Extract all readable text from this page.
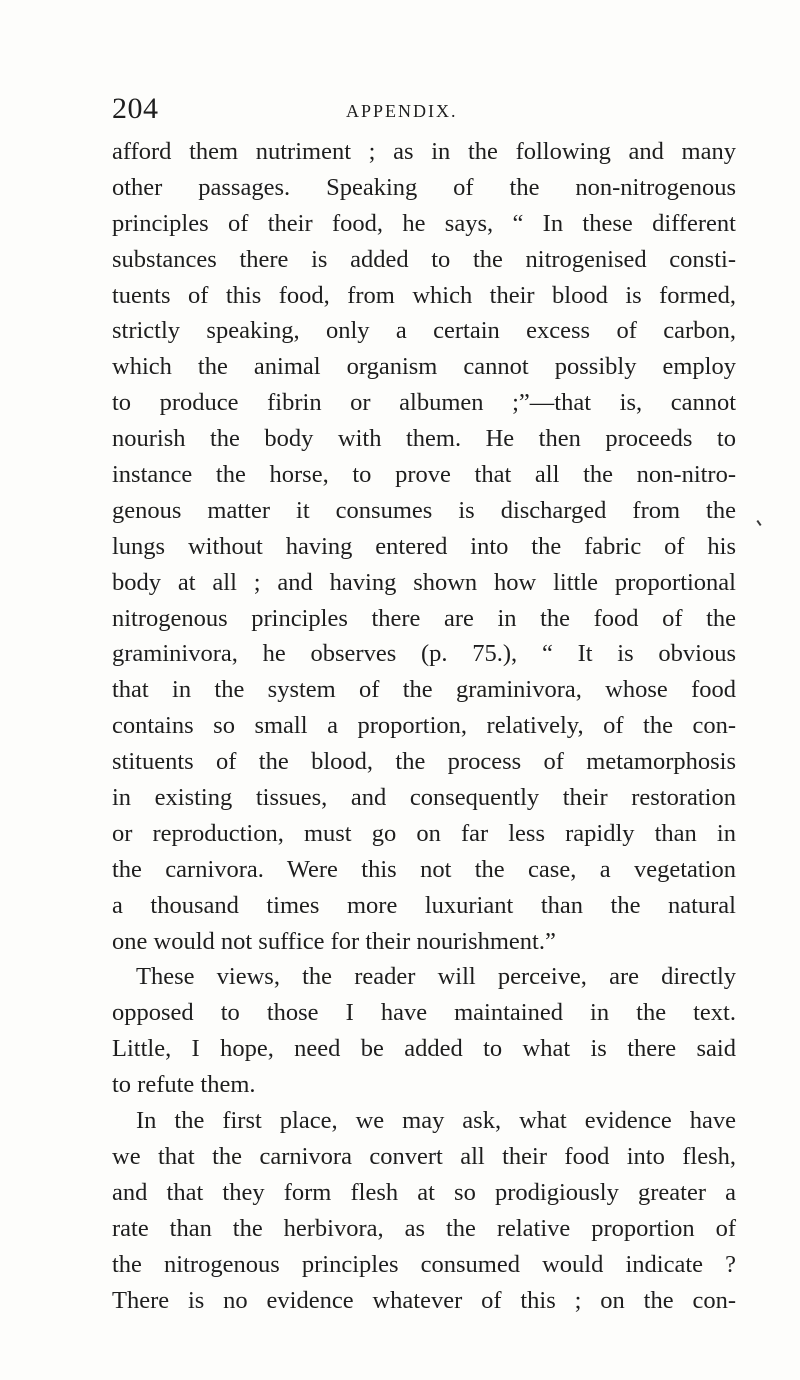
204	APPENDIX.
afford them nutriment ; as in the following and many
other passages. Speaking of the non-nitrogenous
principles of their food, he says, “ In these different
substances there is added to the nitrogenised consti-
tuents of this food, from which their blood is formed,
strictly speaking, only a certain excess of carbon,
which the animal organism cannot possibly employ
to produce fibrin or albumen ;”—that is, cannot
nourish the body with them. He then proceeds to
instance the horse, to prove that all the non-nitro-
genous matter it consumes is discharged from the
lungs without having entered into the fabric of his
body at all ; and having shown how little proportional
nitrogenous principles there are in the food of the
graminivora, he observes (p. 75.), “ It is obvious
that in the system of the graminivora, whose food
contains so small a proportion, relatively, of the con-
stituents of the blood, the process of metamorphosis
in existing tissues, and consequently their restoration
or reproduction, must go on far less rapidly than in
the carnivora. Were this not the case, a vegetation
a thousand times more luxuriant than the natural
one would not suffice for their nourishment.”
These views, the reader will perceive, are directly
opposed to those I have maintained in the text.
Little, I hope, need be added to what is there said
to refute them.
In the first place, we may ask, what evidence have
we that the carnivora convert all their food into flesh,
and that they form flesh at so prodigiously greater a
rate than the herbivora, as the relative proportion of
the nitrogenous principles consumed would indicate ?
There is no evidence whatever of this ; on the con-
